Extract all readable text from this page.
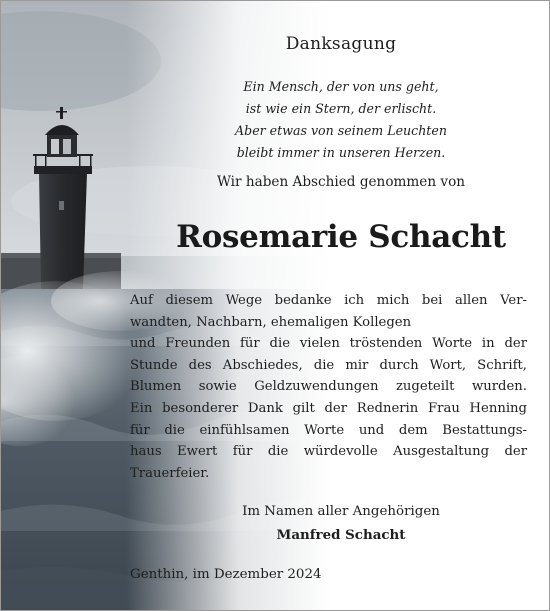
Danksagung
Ein Mensch, der von uns geht,
ist wie ein Stern, der erlischt.
Aber etwas von seinem Leuchten
bleibt immer in unseren Herzen.
Wir haben Abschied genommen von
Rosemarie Schacht
Auf diesem Wege bedanke ich mich bei allen Ver-
wandten, Nachbarn, ehemaligen Kollegen
und Freunden für die vielen tröstenden Worte in der
Stunde des Abschiedes, die mir durch Wort, Schrift,
Blumen sowie Geldzuwendungen zugeteilt wurden.
Ein besonderer Dank gilt der Rednerin Frau Henning
für die einfühlsamen Worte und dem Bestattungs-
haus Ewert für die würdevolle Ausgestaltung der
Trauerfeier.
Im Namen aller Angehörigen
Manfred Schacht
Genthin, im Dezember 2024
